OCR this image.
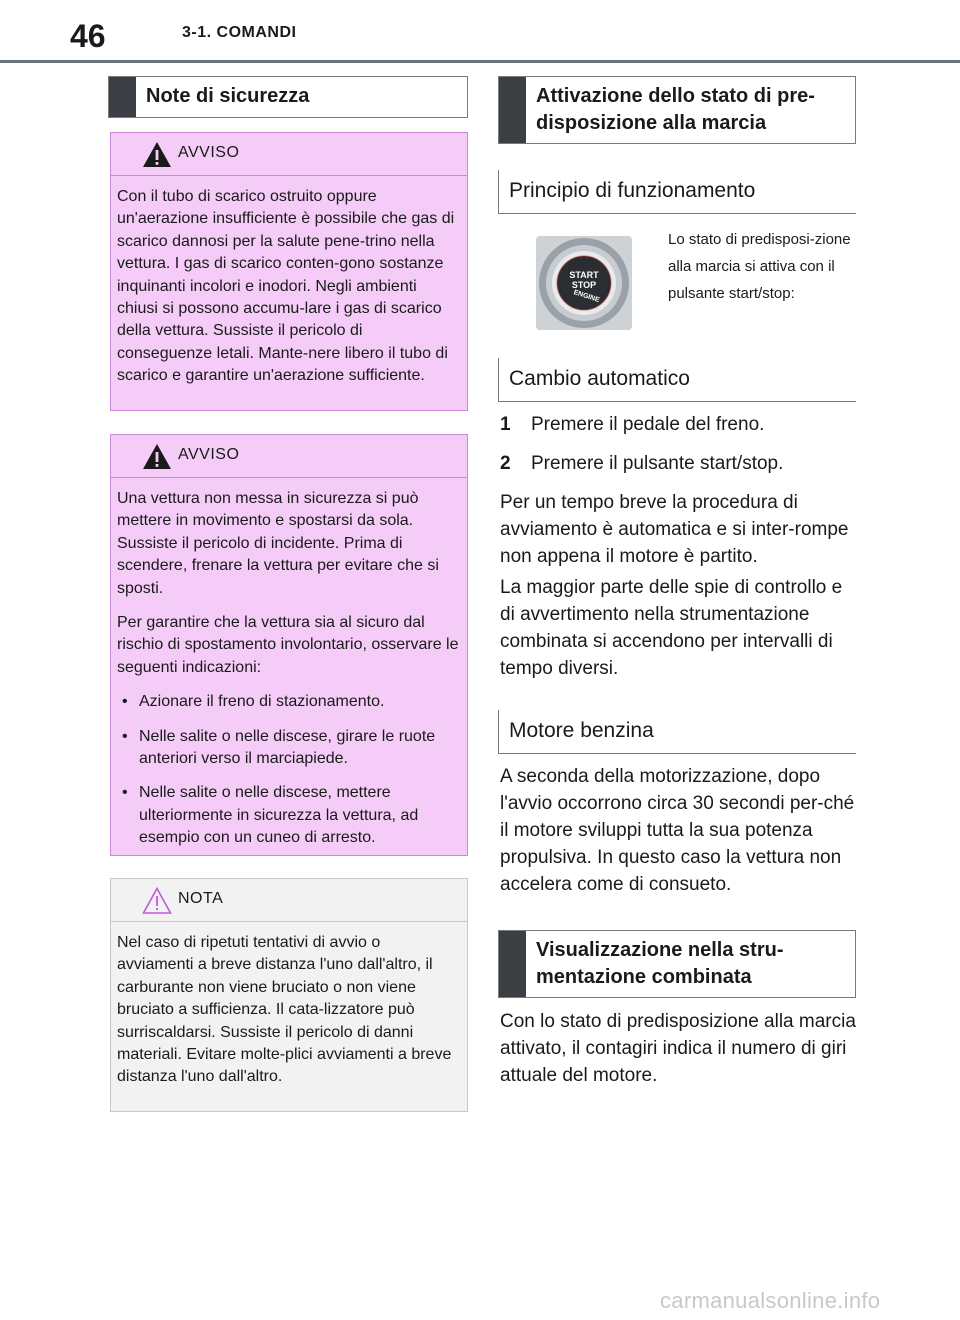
46	3-1. COMANDI
Note di sicurezza
AVVISO

Con il tubo di scarico ostruito oppure un'aerazione insufficiente è possibile che gas di scarico dannosi per la salute pene-trino nella vettura. I gas di scarico conten-gono sostanze inquinanti incolori e inodori. Negli ambienti chiusi si possono accumu-lare i gas di scarico della vettura. Sussiste il pericolo di conseguenze letali. Mante-nere libero il tubo di scarico e garantire un'aerazione sufficiente.

AVVISO

Una vettura non messa in sicurezza si può mettere in movimento e spostarsi da sola. Sussiste il pericolo di incidente. Prima di scendere, frenare la vettura per evitare che si sposti.

Per garantire che la vettura sia al sicuro dal rischio di spostamento involontario, osservare le seguenti indicazioni:

• Azionare il freno di stazionamento.
• Nelle salite o nelle discese, girare le ruote anteriori verso il marciapiede.
• Nelle salite o nelle discese, mettere ulteriormente in sicurezza la vettura, ad esempio con un cuneo di arresto.
NOTA

Nel caso di ripetuti tentativi di avvio o avviamenti a breve distanza l'uno dall'altro, il carburante non viene bruciato o non viene bruciato a sufficienza. Il cata-lizzatore può surriscaldarsi. Sussiste il pericolo di danni materiali. Evitare molte-plici avviamenti a breve distanza l'uno dall'altro.

Attivazione dello stato di pre-disposizione alla marcia
Principio di funzionamento
START
STOP
ENGINE
Lo stato di predisposi-zione alla marcia si attiva con il pulsante start/stop:
Cambio automatico
1 Premere il pedale del freno.
2 Premere il pulsante start/stop.
Per un tempo breve la procedura di avviamento è automatica e si inter-rompe non appena il motore è partito.
La maggior parte delle spie di controllo e di avvertimento nella strumentazione combinata si accendono per intervalli di tempo diversi.
Motore benzina
A seconda della motorizzazione, dopo l'avvio occorrono circa 30 secondi per-ché il motore sviluppi tutta la sua potenza propulsiva. In questo caso la vettura non accelera come di consueto.
Visualizzazione nella stru-mentazione combinata
Con lo stato di predisposizione alla marcia attivato, il contagiri indica il numero di giri attuale del motore.
carmanualsonline.info
